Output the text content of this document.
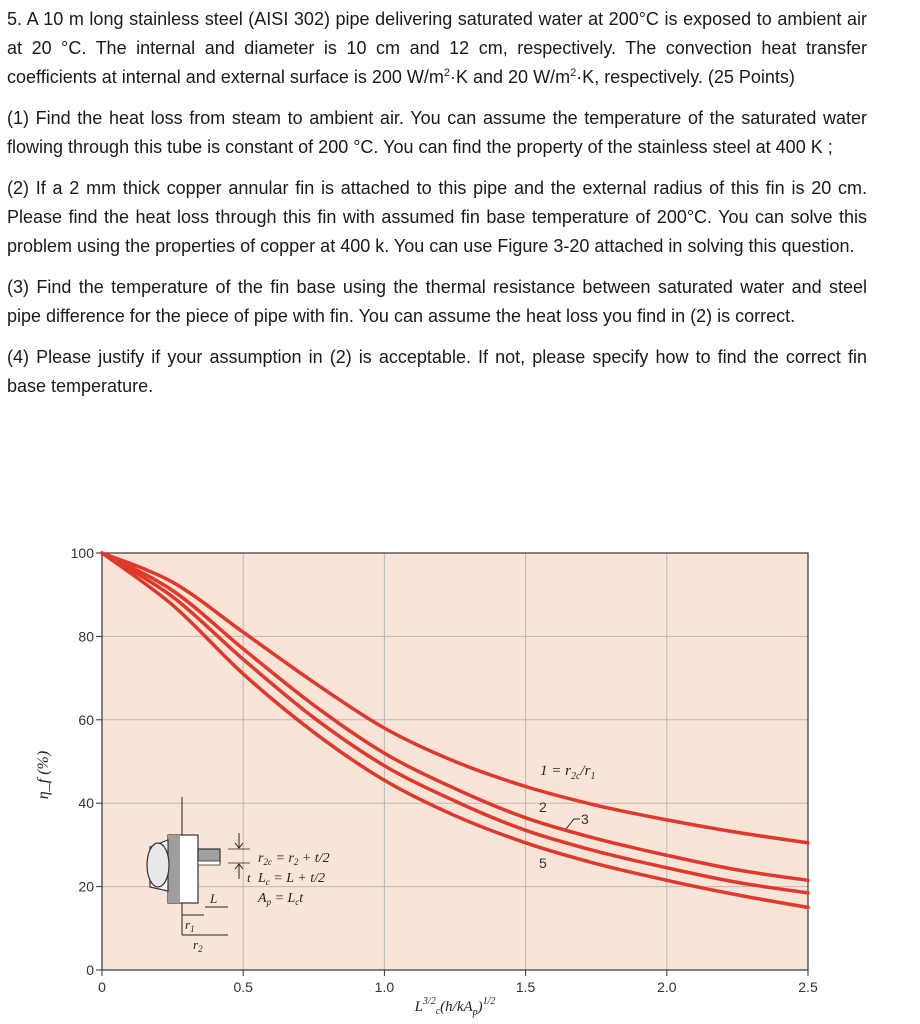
5. A 10 m long stainless steel (AISI 302) pipe delivering saturated water at 200°C is exposed to ambient air at 20 °C. The internal and diameter is 10 cm and 12 cm, respectively. The convection heat transfer coefficients at internal and external surface is 200 $W/m^2\cdot K$ and 20 $W/m^2\cdot K$, respectively. (25 Points)

(1) Find the heat loss from steam to ambient air. You can assume the temperature of the saturated water flowing through this tube is constant of 200 °C. You can find the property of the stainless steel at 400 K ;

(2) If a 2 mm thick copper annular fin is attached to this pipe and the external radius of this fin is 20 cm. Please find the heat loss through this fin with assumed fin base temperature of 200°C. You can solve this problem using the properties of copper at 400 k. You can use Figure 3-20 attached in solving this question.

(3) Find the temperature of the fin base using the thermal resistance between saturated water and steel pipe difference for the piece of pipe with fin. You can assume the heat loss you find in (2) is correct.

(4) Please justify if your assumption in (2) is acceptable. If not, please specify how to find the correct fin base temperature.

0
20
40
60
80
100
0	0.5	1.0	1.5	2.0	2.5
η_f (%)
$L^{3/2}_c(h/kA_p)^{1/2}$
$1 = r_{2c}/r_1$
2
3
5
t
L
$r_1$
$r_2$
$r_{2c} = r_2 + t/2$
$L_c = L + t/2$
$A_p = L_ct$
